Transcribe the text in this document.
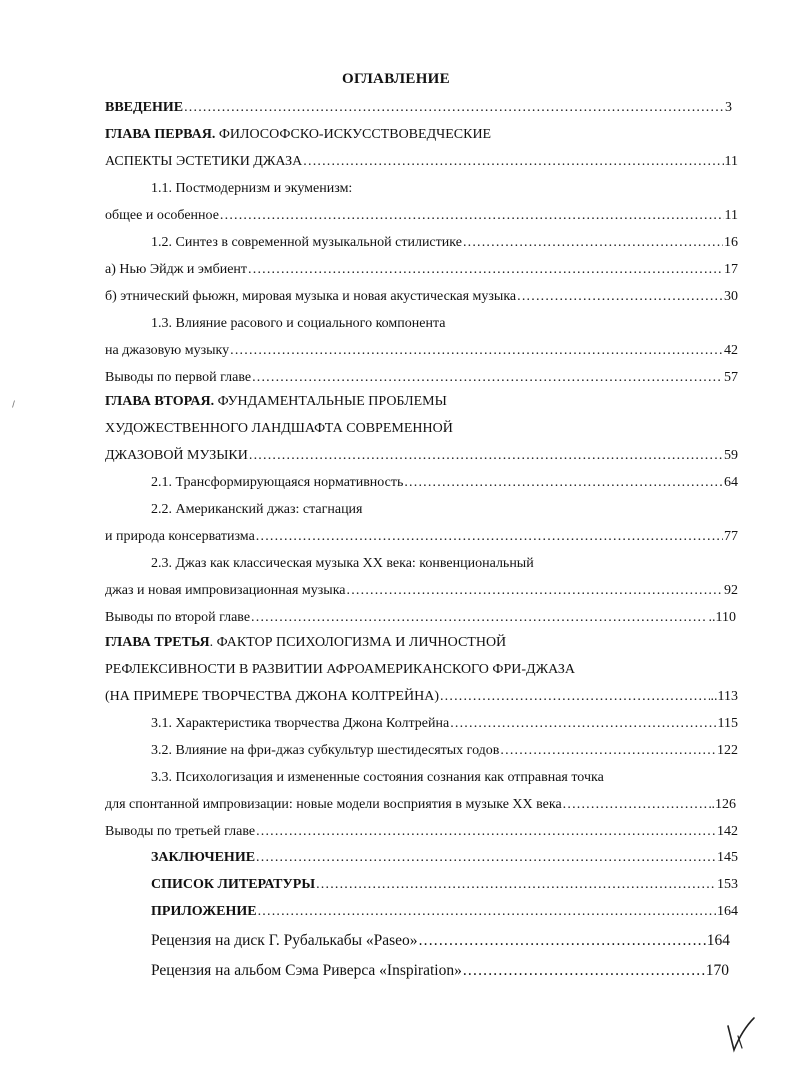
ОГЛАВЛЕНИЕ
ВВЕДЕНИЕ .....	3
ГЛАВА ПЕРВАЯ. ФИЛОСОФСКО-ИСКУССТВОВЕДЧЕСКИЕ
АСПЕКТЫ ЭСТЕТИКИ ДЖАЗА .....	11
1.1. Постмодернизм и экуменизм:
общее и особенное .....	11
1.2. Синтез в современной музыкальной стилистике .....	16
а) Нью Эйдж и эмбиент .....	17
б) этнический фьюжн, мировая музыка и новая акустическая музыка .....	30
1.3. Влияние расового и социального компонента
на джазовую музыку .....	42
Выводы по первой главе .....	57
ГЛАВА ВТОРАЯ. ФУНДАМЕНТАЛЬНЫЕ ПРОБЛЕМЫ
ХУДОЖЕСТВЕННОГО ЛАНДШАФТА СОВРЕМЕННОЙ
ДЖАЗОВОЙ МУЗЫКИ .....	59
2.1. Трансформирующаяся нормативность .....	64
2.2. Американский джаз: стагнация
и природа консерватизма .....	77
2.3. Джаз как классическая музыка XX века: конвенциональный
джаз и новая импровизационная музыка .....	92
Выводы по второй главе .....	..110
ГЛАВА ТРЕТЬЯ. ФАКТОР ПСИХОЛОГИЗМА И ЛИЧНОСТНОЙ
РЕФЛЕКСИВНОСТИ В РАЗВИТИИ АФРОАМЕРИКАНСКОГО ФРИ-ДЖАЗА
(НА ПРИМЕРЕ ТВОРЧЕСТВА ДЖОНА КОЛТРЕЙНА) .....	..113
3.1. Характеристика творчества Джона Колтрейна .....	115
3.2. Влияние на фри-джаз субкультур шестидесятых годов .....	122
3.3. Психологизация и измененные состояния сознания как отправная точка
для спонтанной импровизации: новые модели восприятия в музыке XX века .....	.126
Выводы по третьей главе .....	142
ЗАКЛЮЧЕНИЕ .....	145
СПИСОК ЛИТЕРАТУРЫ .....	153
ПРИЛОЖЕНИЕ .....	164
Рецензия на диск Г. Рубалькабы «Paseo» .....	164
Рецензия на альбом Сэма Риверса «Inspiration» .....	170
